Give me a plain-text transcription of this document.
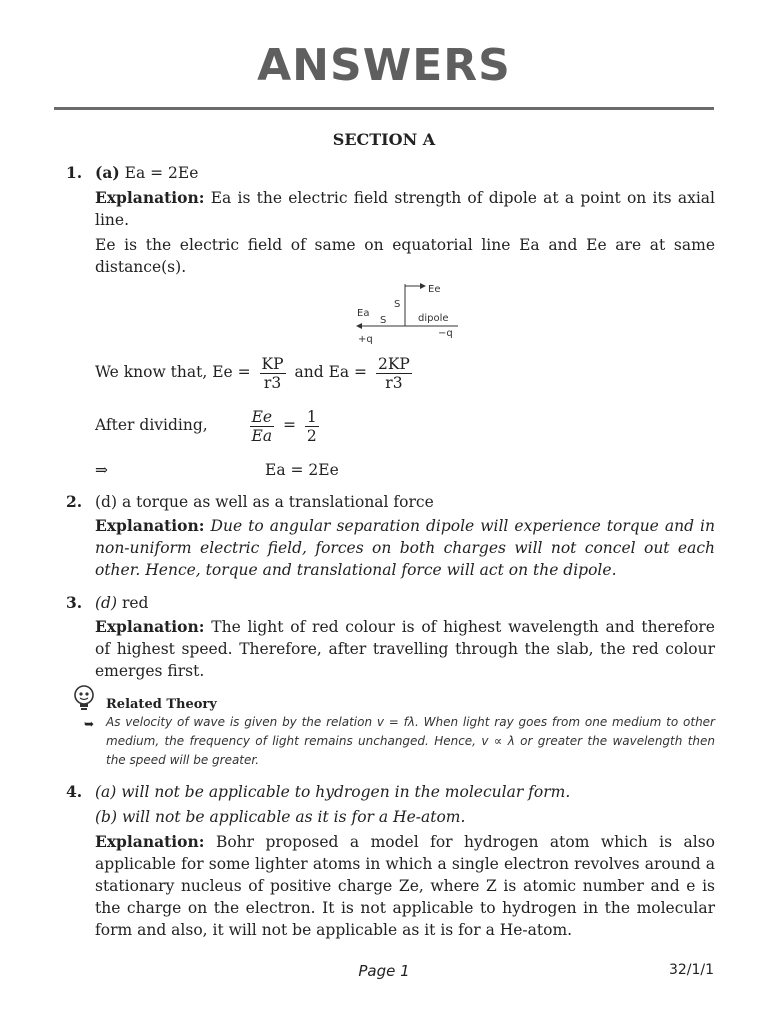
ANSWERS
SECTION A
1. (a) Ea = 2Ee
Explanation: Ea is the electric field strength of dipole at a point on its axial line.
Ee is the electric field of same on equatorial line Ea and Ee are at same distance(s).
Ee
Ea
S
S	dipole
+q
−q
We know that, $Ee = \frac{KP}{r3}$ and $Ea = \frac{2KP}{r3}$
After dividing,	$\frac{Ee}{Ea} = \frac{1}{2}$
⇒	Ea = 2Ee
2. (d) a torque as well as a translational force
Explanation: Due to angular separation dipole will experience torque and in non-uniform electric field, forces on both charges will not concel out each other. Hence, torque and translational force will act on the dipole.
3. (d) red
Explanation: The light of red colour is of highest wavelength and therefore of highest speed. Therefore, after travelling through the slab, the red colour emerges first.
Related Theory
➥ As velocity of wave is given by the relation v = fλ. When light ray goes from one medium to other medium, the frequency of light remains unchanged. Hence, v ∝ λ or greater the wavelength then the speed will be greater.
4. (a) will not be applicable to hydrogen in the molecular form.
(b) will not be applicable as it is for a He-atom.
Explanation: Bohr proposed a model for hydrogen atom which is also applicable for some lighter atoms in which a single electron revolves around a stationary nucleus of positive charge Ze, where Z is atomic number and e is the charge on the electron. It is not applicable to hydrogen in the molecular form and also, it will not be applicable as it is for a He-atom.
Page 1	32/1/1
